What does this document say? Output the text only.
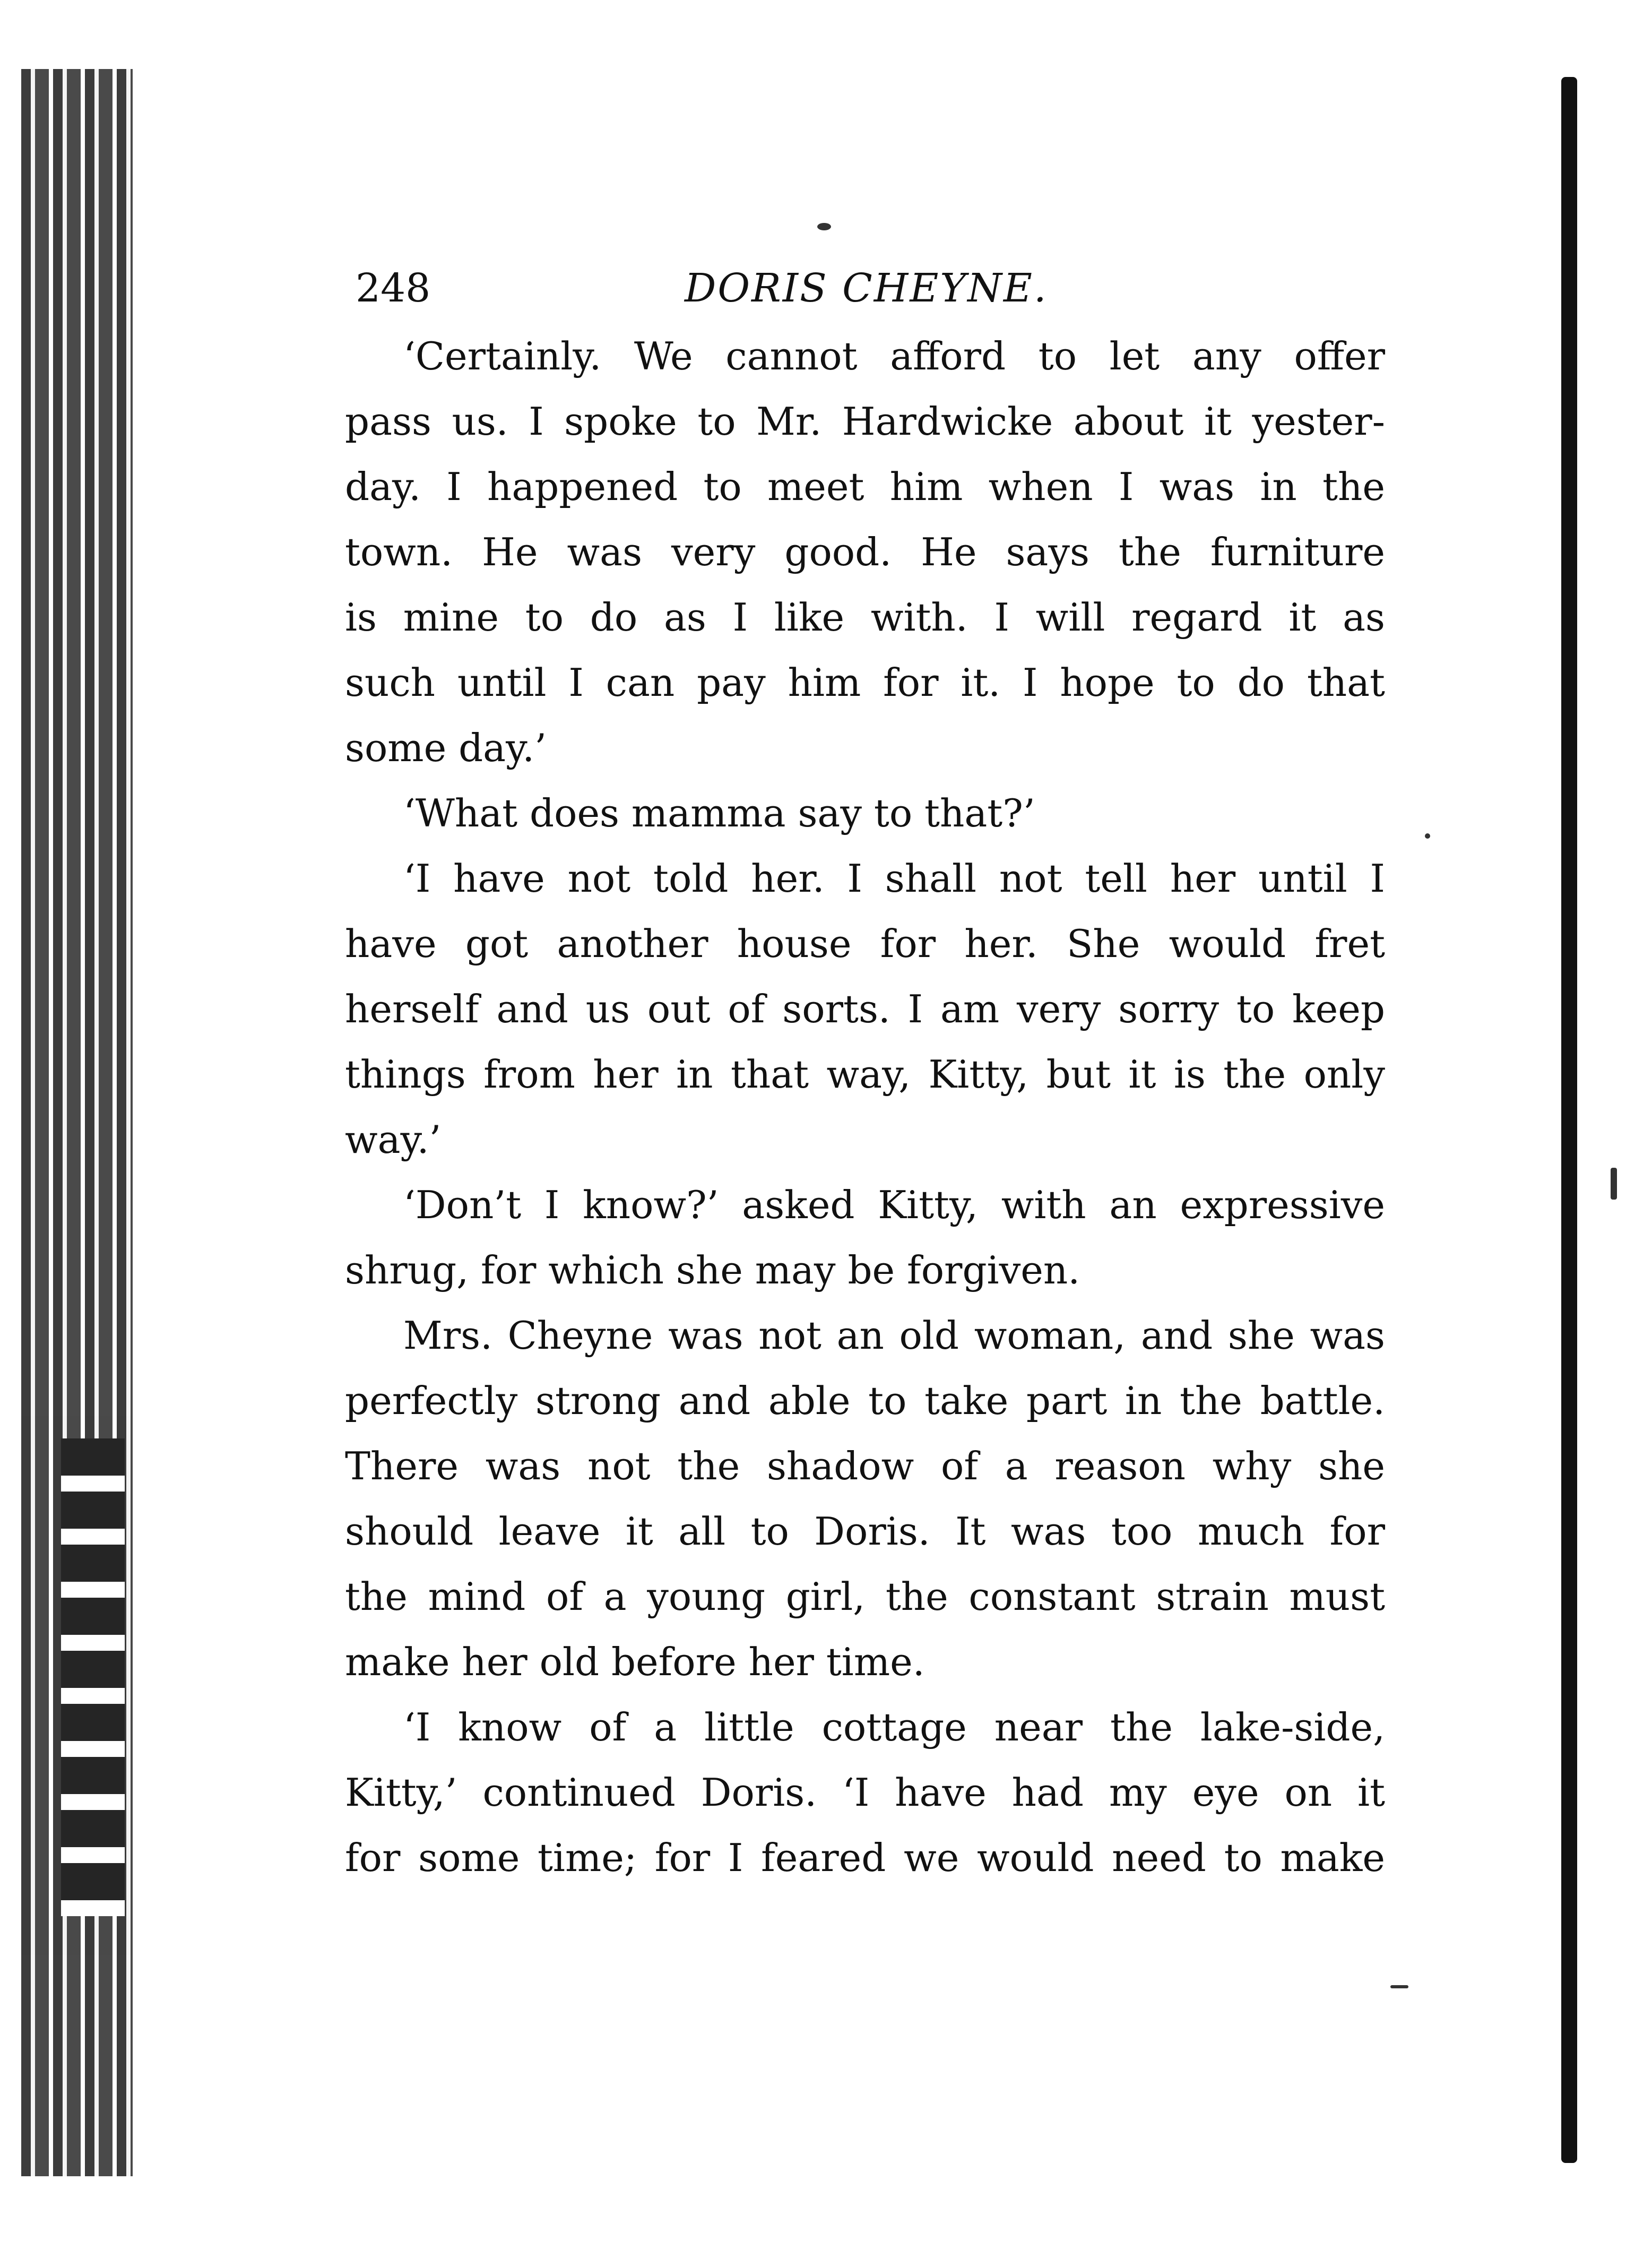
248	DORIS CHEYNE.
‘Certainly. We cannot afford to let any offer
pass us. I spoke to Mr. Hardwicke about it yester-
day. I happened to meet him when I was in the
town. He was very good. He says the furniture
is mine to do as I like with. I will regard it as
such until I can pay him for it. I hope to do that
some day.’
‘What does mamma say to that?’
‘I have not told her. I shall not tell her until I
have got another house for her. She would fret
herself and us out of sorts. I am very sorry to keep
things from her in that way, Kitty, but it is the only
way.’
‘Don’t I know?’ asked Kitty, with an expressive
shrug, for which she may be forgiven.
Mrs. Cheyne was not an old woman, and she was
perfectly strong and able to take part in the battle.
There was not the shadow of a reason why she
should leave it all to Doris. It was too much for
the mind of a young girl, the constant strain must
make her old before her time.
‘I know of a little cottage near the lake-side,
Kitty,’ continued Doris. ‘I have had my eye on it
for some time; for I feared we would need to make
